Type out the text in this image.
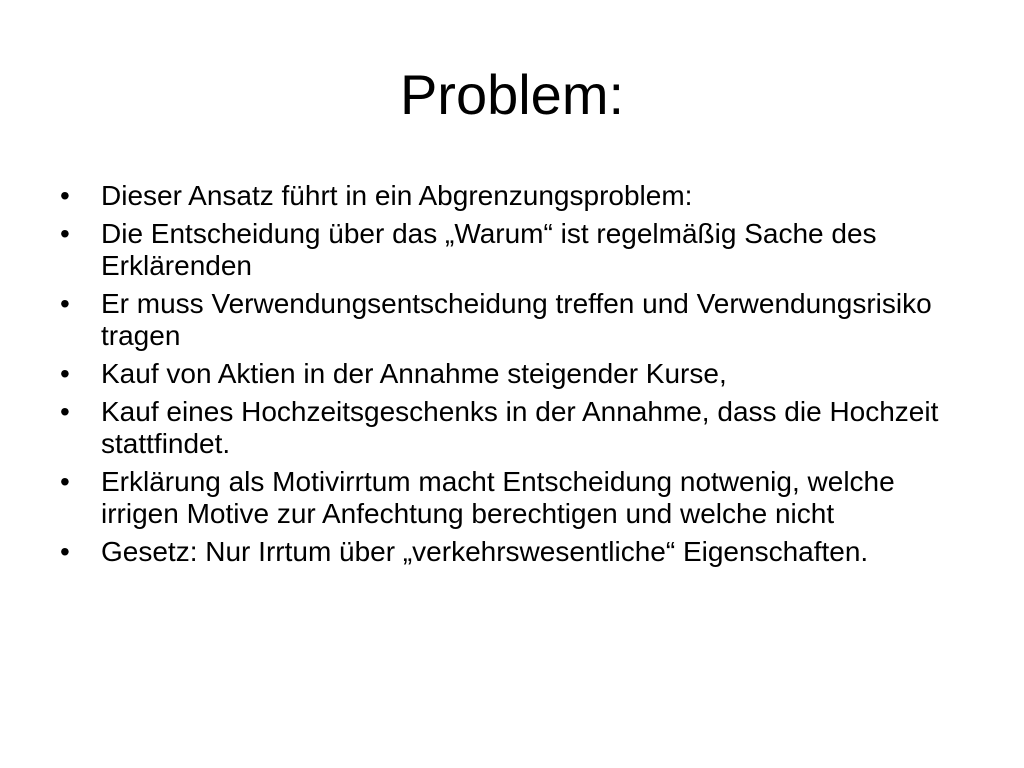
Problem:
•	Dieser Ansatz führt in ein Abgrenzungsproblem:
•	Die Entscheidung über das „Warum“ ist regelmäßig Sache des Erklärenden
•	Er muss Verwendungsentscheidung treffen und Verwendungsrisiko tragen
•	Kauf von Aktien in der Annahme steigender Kurse,
•	Kauf eines Hochzeitsgeschenks in der Annahme, dass die Hochzeit stattfindet.
•	Erklärung als Motivirrtum macht Entscheidung notwenig, welche irrigen Motive zur Anfechtung berechtigen und welche nicht
•	Gesetz: Nur Irrtum über „verkehrswesentliche“ Eigenschaften.
